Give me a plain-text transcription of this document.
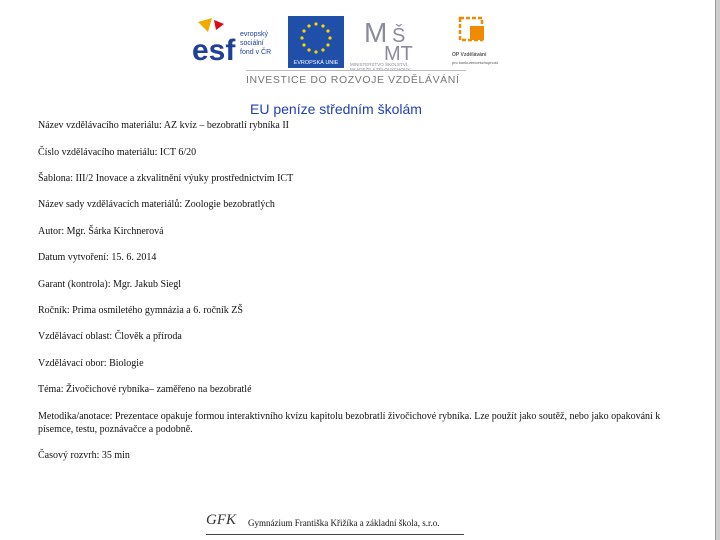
esf evropský
sociální
fond v ČR
EVROPSKÁ UNIE
M Š
MT
MINISTERSTVO ŠKOLSTVÍ,
MLÁDEŽE A TĚLOVÝCHOVY
OP Vzdělávání
pro konkurenceschopnost
INVESTICE DO ROZVOJE VZDĚLÁVÁNÍ
EU peníze středním školám
Název vzdělávacího materiálu: AZ kvíz – bezobratlí rybníka II
Číslo vzdělávacího materiálu: ICT 6/20
Šablona: III/2 Inovace a zkvalitnění výuky prostřednictvím ICT
Název sady vzdělávacích materiálů: Zoologie bezobratlých
Autor: Mgr. Šárka Kirchnerová
Datum vytvoření: 15. 6. 2014
Garant (kontrola): Mgr. Jakub Siegl
Ročník: Prima osmiletého gymnázia a 6. ročník ZŠ
Vzdělávací oblast: Člověk a příroda
Vzdělávací obor: Biologie
Téma: Živočichové rybníka– zaměřeno na bezobratlé
Metodika/anotace: Prezentace opakuje formou interaktivního kvízu kapitolu bezobratlí živočichové rybníka. Lze použít jako soutěž, nebo jako opakování k písemce, testu, poznávačce a podobně.
Časový rozvrh: 35 min
GFK Gymnázium Františka Křižíka a základní škola, s.r.o.
